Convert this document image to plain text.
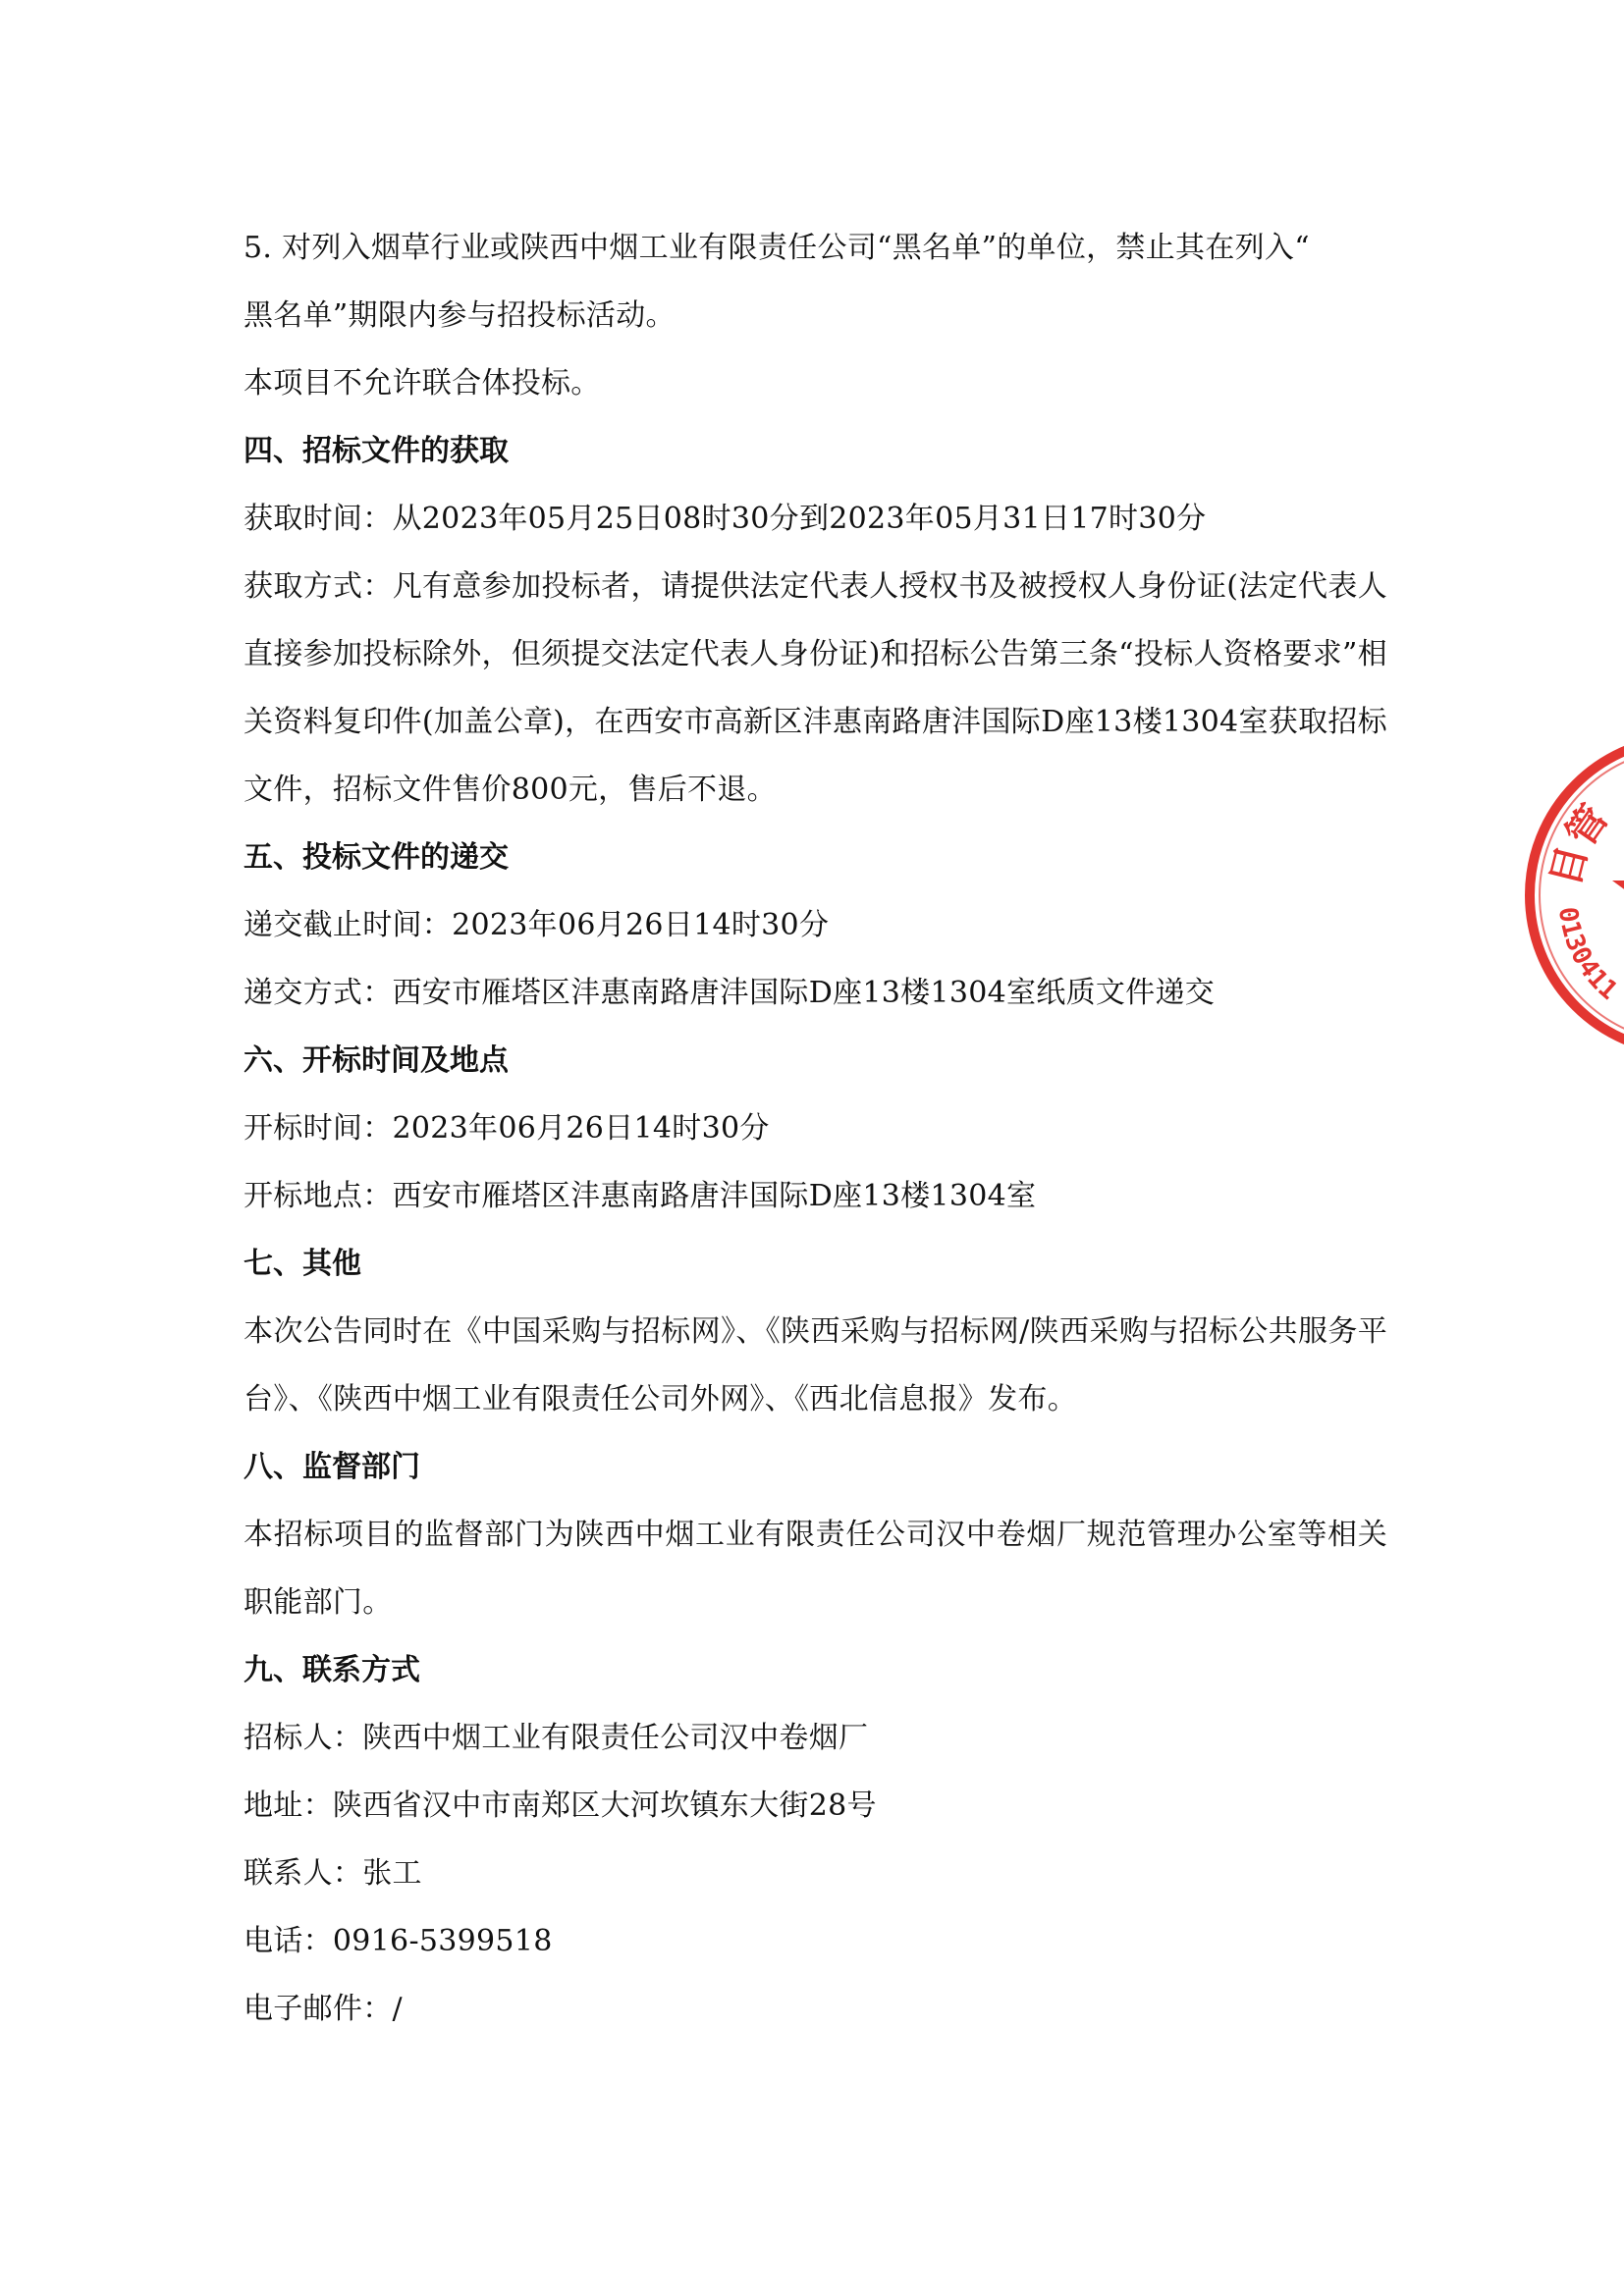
5. 对列入烟草行业或陕西中烟工业有限责任公司“黑名单”的单位，禁止其在列入“
黑名单”期限内参与招投标活动。
本项目不允许联合体投标。
四、招标文件的获取
获取时间：从2023年05月25日08时30分到2023年05月31日17时30分
获取方式：凡有意参加投标者，请提供法定代表人授权书及被授权人身份证(法定代表人直接参加投标除外，但须提交法定代表人身份证)和招标公告第三条“投标人资格要求”相关资料复印件(加盖公章)，在西安市高新区沣惠南路唐沣国际D座13楼1304室获取招标文件，招标文件售价800元，售后不退。
五、投标文件的递交
递交截止时间：2023年06月26日14时30分
递交方式：西安市雁塔区沣惠南路唐沣国际D座13楼1304室纸质文件递交
六、开标时间及地点
开标时间：2023年06月26日14时30分
开标地点：西安市雁塔区沣惠南路唐沣国际D座13楼1304室
七、其他
本次公告同时在《中国采购与招标网》、《陕西采购与招标网/陕西采购与招标公共服务平台》、《陕西中烟工业有限责任公司外网》、《西北信息报》发布。
八、监督部门
本招标项目的监督部门为陕西中烟工业有限责任公司汉中卷烟厂规范管理办公室等相关职能部门。
九、联系方式
招标人：陕西中烟工业有限责任公司汉中卷烟厂
地址：陕西省汉中市南郑区大河坎镇东大街28号
联系人：张工
电话：0916-5399518
电子邮件：/
目管
0130411
